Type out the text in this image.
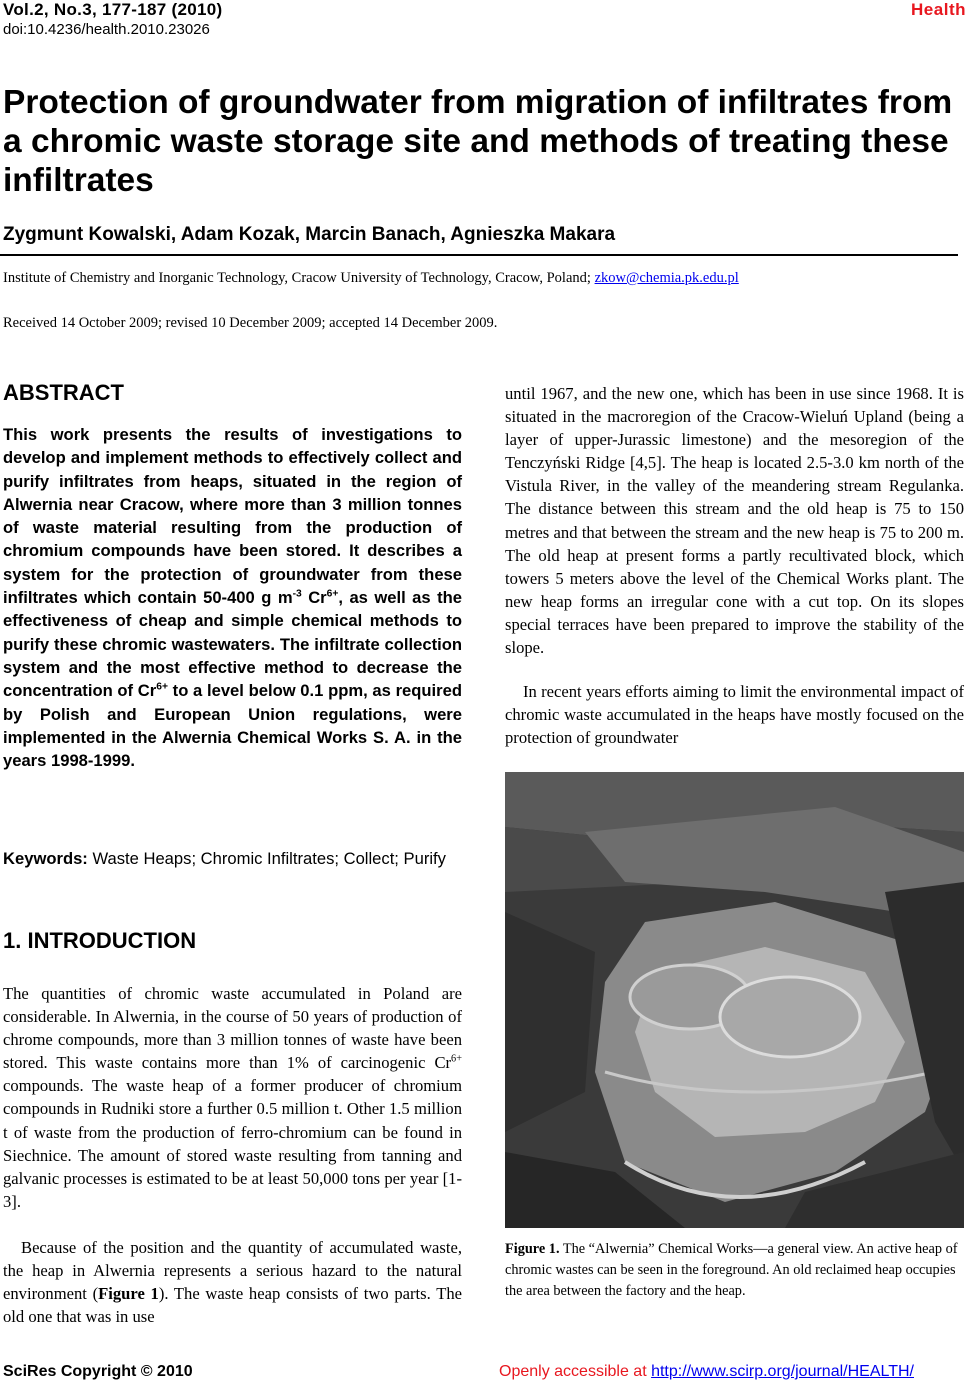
Vol.2, No.3, 177-187 (2010)
doi:10.4236/health.2010.23026
Health
Protection of groundwater from migration of infiltrates from a chromic waste storage site and methods of treating these infiltrates
Zygmunt Kowalski, Adam Kozak, Marcin Banach, Agnieszka Makara
Institute of Chemistry and Inorganic Technology, Cracow University of Technology, Cracow, Poland; zkow@chemia.pk.edu.pl
Received 14 October 2009; revised 10 December 2009; accepted 14 December 2009.
ABSTRACT
This work presents the results of investigations to develop and implement methods to effectively collect and purify infiltrates from heaps, situated in the region of Alwernia near Cracow, where more than 3 million tonnes of waste material resulting from the production of chromium compounds have been stored. It describes a system for the protection of groundwater from these infiltrates which contain 50-400 g $m^{-3}$ $Cr^{6+}$, as well as the effectiveness of cheap and simple chemical methods to purify these chromic wastewaters. The infiltrate collection system and the most effective method to decrease the concentration of $Cr^{6+}$ to a level below 0.1 ppm, as required by Polish and European Union regulations, were implemented in the Alwernia Chemical Works S. A. in the years 1998-1999.
Keywords: Waste Heaps; Chromic Infiltrates; Collect; Purify
1. INTRODUCTION
The quantities of chromic waste accumulated in Poland are considerable. In Alwernia, in the course of 50 years of production of chrome compounds, more than 3 million tonnes of waste have been stored. This waste contains more than 1% of carcinogenic $Cr^{6+}$ compounds. The waste heap of a former producer of chromium compounds in Rudniki store a further 0.5 million t. Other 1.5 million t of waste from the production of ferro-chromium can be found in Siechnice. The amount of stored waste resulting from tanning and galvanic processes is estimated to be at least 50,000 tons per year [1-3].
Because of the position and the quantity of accumulated waste, the heap in Alwernia represents a serious hazard to the natural environment (Figure 1). The waste heap consists of two parts. The old one that was in use
until 1967, and the new one, which has been in use since 1968. It is situated in the macroregion of the Cracow-Wieluń Upland (being a layer of upper-Jurassic limestone) and the mesoregion of the Tenczyński Ridge [4,5]. The heap is located 2.5-3.0 km north of the Vistula River, in the valley of the meandering stream Regulanka. The distance between this stream and the old heap is 75 to 150 metres and that between the stream and the new heap is 75 to 200 m. The old heap at present forms a partly recultivated block, which towers 5 meters above the level of the Chemical Works plant. The new heap forms an irregular cone with a cut top. On its slopes special terraces have been prepared to improve the stability of the slope.
In recent years efforts aiming to limit the environmental impact of chromic waste accumulated in the heaps have mostly focused on the protection of groundwater
Figure 1. The “Alwernia” Chemical Works—a general view. An active heap of chromic wastes can be seen in the foreground. An old reclaimed heap occupies the area between the factory and the heap.
SciRes Copyright © 2010	Openly accessible at http://www.scirp.org/journal/HEALTH/
